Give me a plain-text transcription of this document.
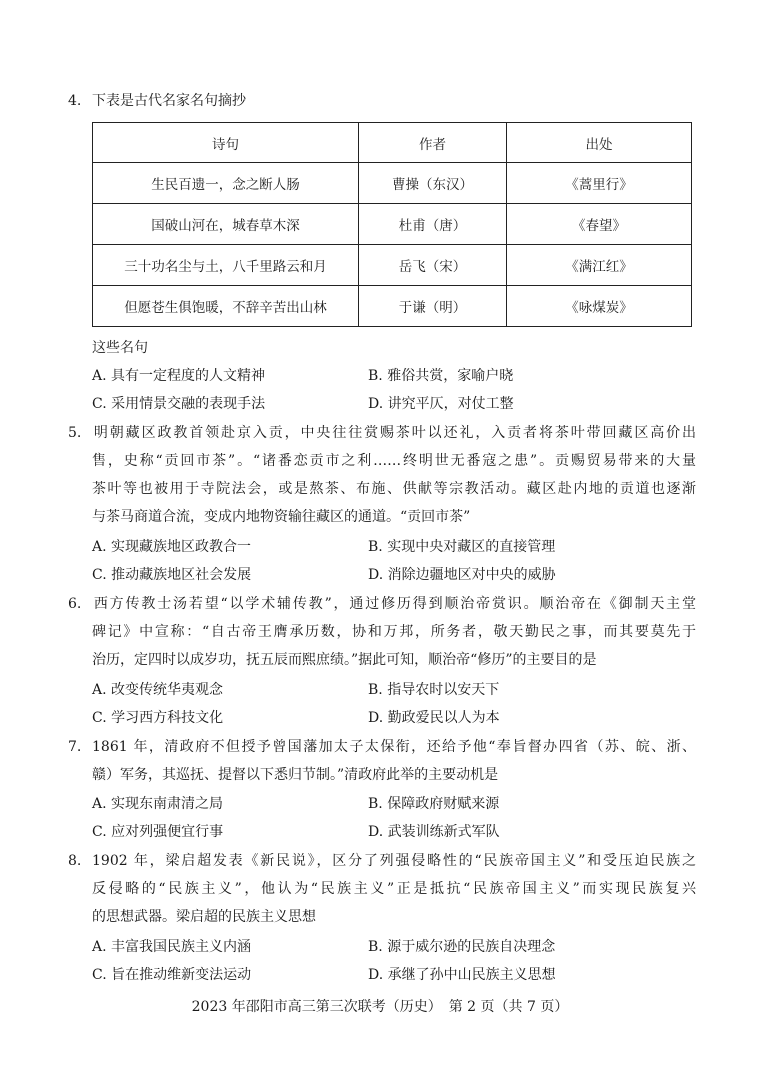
4. 下表是古代名家名句摘抄
诗句	作者	出处
生民百遗一，念之断人肠	曹操（东汉）	《蒿里行》
国破山河在，城春草木深	杜甫（唐）	《春望》
三十功名尘与土，八千里路云和月	岳飞（宋）	《满江红》
但愿苍生俱饱暖，不辞辛苦出山林	于谦（明）	《咏煤炭》
这些名句
A. 具有一定程度的人文精神	B. 雅俗共赏，家喻户晓
C. 采用情景交融的表现手法	D. 讲究平仄，对仗工整
5. 明朝藏区政教首领赴京入贡，中央往往赏赐茶叶以还礼，入贡者将茶叶带回藏区高价出
售，史称“贡回市茶”。“诸番恋贡市之利……终明世无番寇之患”。贡赐贸易带来的大量
茶叶等也被用于寺院法会，或是熬茶、布施、供献等宗教活动。藏区赴内地的贡道也逐渐
与茶马商道合流，变成内地物资输往藏区的通道。“贡回市茶”
A. 实现藏族地区政教合一	B. 实现中央对藏区的直接管理
C. 推动藏族地区社会发展	D. 消除边疆地区对中央的威胁
6. 西方传教士汤若望“以学术辅传教”，通过修历得到顺治帝赏识。顺治帝在《御制天主堂
碑记》中宣称：“自古帝王膺承历数，协和万邦，所务者，敬天勤民之事，而其要莫先于
治历，定四时以成岁功，抚五辰而熙庶绩。”据此可知，顺治帝“修历”的主要目的是
A. 改变传统华夷观念	B. 指导农时以安天下
C. 学习西方科技文化	D. 勤政爱民以人为本
7. 1861 年，清政府不但授予曾国藩加太子太保衔，还给予他“奉旨督办四省（苏、皖、浙、
赣）军务，其巡抚、提督以下悉归节制。”清政府此举的主要动机是
A. 实现东南肃清之局	B. 保障政府财赋来源
C. 应对列强便宜行事	D. 武装训练新式军队
8. 1902 年，梁启超发表《新民说》，区分了列强侵略性的“民族帝国主义”和受压迫民族之
反侵略的“民族主义”，他认为“民族主义”正是抵抗“民族帝国主义”而实现民族复兴
的思想武器。梁启超的民族主义思想
A. 丰富我国民族主义内涵	B. 源于威尔逊的民族自决理念
C. 旨在推动维新变法运动	D. 承继了孙中山民族主义思想
2023 年邵阳市高三第三次联考（历史）　第 2 页（共 7 页）
